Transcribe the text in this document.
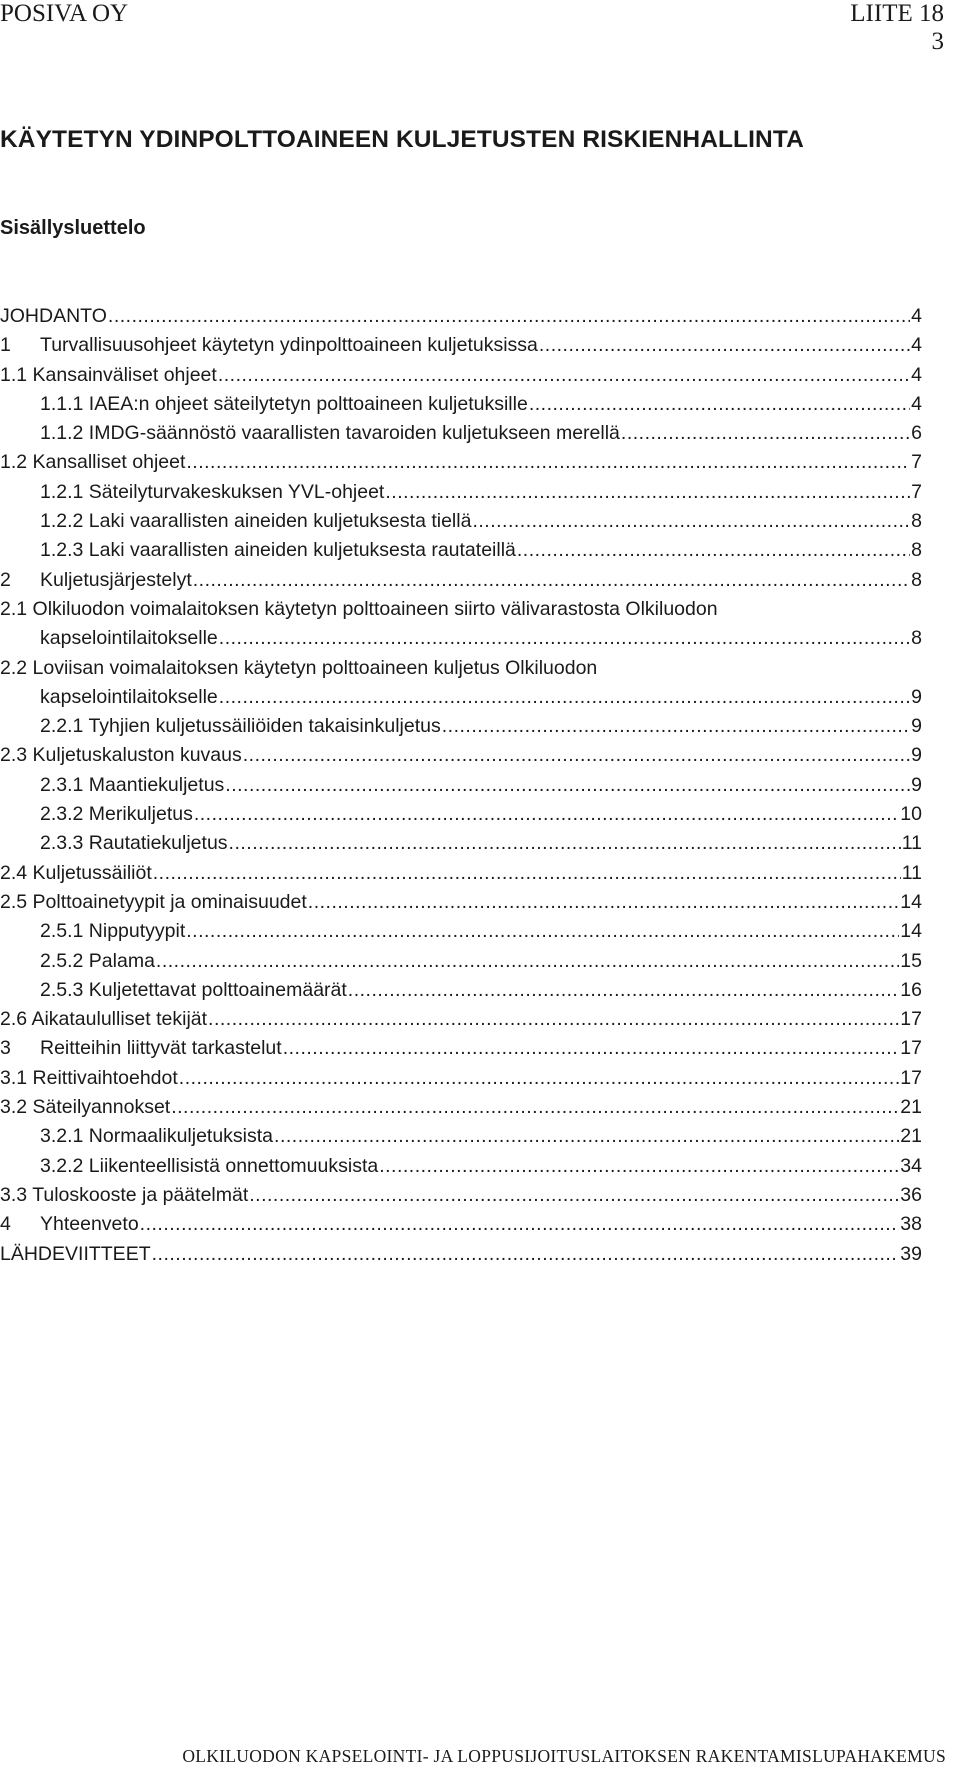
POSIVA OY	LIITE 18
3
KÄYTETYN YDINPOLTTOAINEEN KULJETUSTEN RISKIENHALLINTA
Sisällysluettelo
JOHDANTO .....	4
1 Turvallisuusohjeet käytetyn ydinpolttoaineen kuljetuksissa .....	4
1.1 Kansainväliset ohjeet .....	4
1.1.1 IAEA:n ohjeet säteilytetyn polttoaineen kuljetuksille .....	4
1.1.2 IMDG-säännöstö vaarallisten tavaroiden kuljetukseen merellä .....	6
1.2 Kansalliset ohjeet .....	7
1.2.1 Säteilyturvakeskuksen YVL-ohjeet .....	7
1.2.2 Laki vaarallisten aineiden kuljetuksesta tiellä .....	8
1.2.3 Laki vaarallisten aineiden kuljetuksesta rautateillä .....	8
2 Kuljetusjärjestelyt .....	8
2.1 Olkiluodon voimalaitoksen käytetyn polttoaineen siirto välivarastosta Olkiluodon
kapselointilaitokselle .....	8
2.2 Loviisan voimalaitoksen käytetyn polttoaineen kuljetus Olkiluodon
kapselointilaitokselle .....	9
2.2.1 Tyhjien kuljetussäiliöiden takaisinkuljetus .....	9
2.3 Kuljetuskaluston kuvaus .....	9
2.3.1 Maantiekuljetus .....	9
2.3.2 Merikuljetus .....	10
2.3.3 Rautatiekuljetus .....	11
2.4 Kuljetussäiliöt .....	11
2.5 Polttoainetyypit ja ominaisuudet .....	14
2.5.1 Nipputyypit .....	14
2.5.2 Palama .....	15
2.5.3 Kuljetettavat polttoainemäärät .....	16
2.6 Aikataululliset tekijät .....	17
3 Reitteihin liittyvät tarkastelut .....	17
3.1 Reittivaihtoehdot .....	17
3.2 Säteilyannokset .....	21
3.2.1 Normaalikuljetuksista .....	21
3.2.2 Liikenteellisistä onnettomuuksista .....	34
3.3 Tuloskooste ja päätelmät .....	36
4 Yhteenveto .....	38
LÄHDEVIITTEET .....	39
OLKILUODON KAPSELOINTI- JA LOPPUSIJOITUSLAITOKSEN RAKENTAMISLUPAHAKEMUS
